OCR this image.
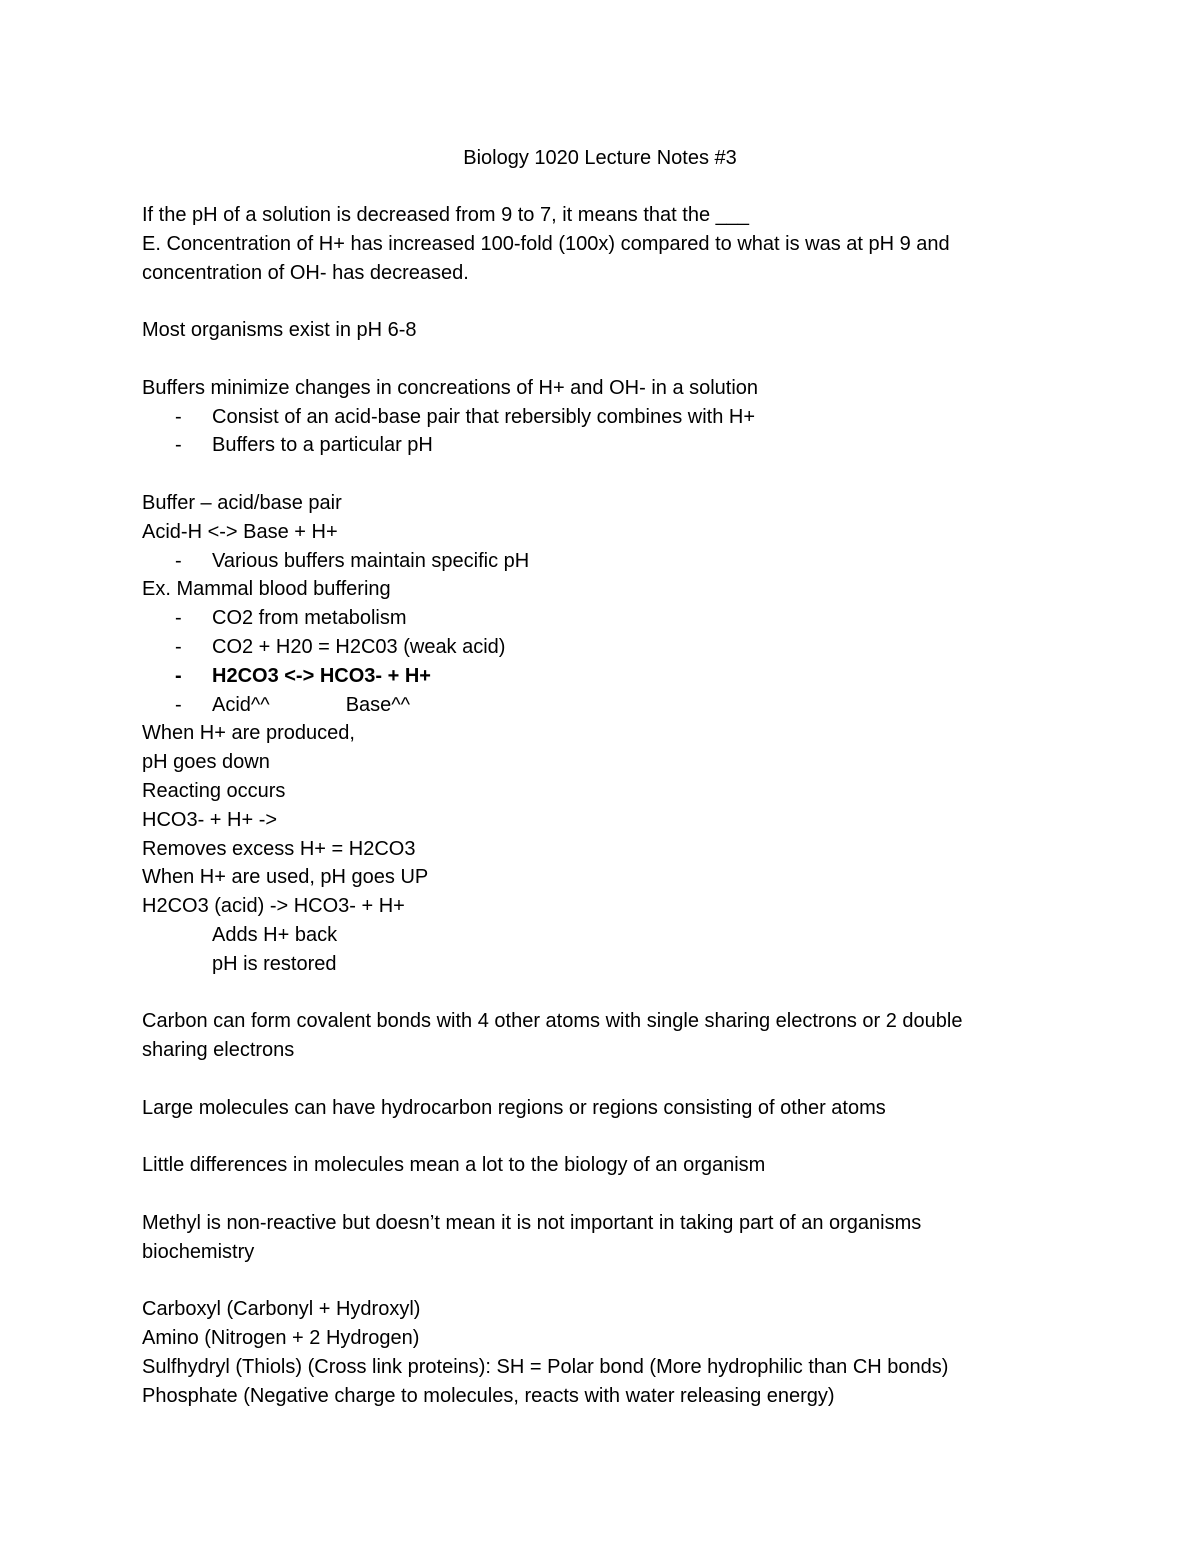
Biology 1020 Lecture Notes #3
If the pH of a solution is decreased from 9 to 7, it means that the ___
E. Concentration of H+ has increased 100-fold (100x) compared to what is was at pH 9 and
concentration of OH- has decreased.
Most organisms exist in pH 6-8
Buffers minimize changes in concreations of H+ and OH- in a solution
- Consist of an acid-base pair that rebersibly combines with H+
- Buffers to a particular pH
Buffer – acid/base pair
Acid-H <-> Base + H+
- Various buffers maintain specific pH
Ex. Mammal blood buffering
- CO2 from metabolism
- CO2 + H20 = H2C03 (weak acid)
- H2CO3 <-> HCO3- + H+
- Acid^^	Base^^
When H+ are produced,
pH goes down
Reacting occurs
HCO3- + H+ ->
Removes excess H+ = H2CO3
When H+ are used, pH goes UP
H2CO3 (acid) -> HCO3- + H+
Adds H+ back
pH is restored
Carbon can form covalent bonds with 4 other atoms with single sharing electrons or 2 double
sharing electrons
Large molecules can have hydrocarbon regions or regions consisting of other atoms
Little differences in molecules mean a lot to the biology of an organism
Methyl is non-reactive but doesn’t mean it is not important in taking part of an organisms
biochemistry
Carboxyl (Carbonyl + Hydroxyl)
Amino (Nitrogen + 2 Hydrogen)
Sulfhydryl (Thiols) (Cross link proteins): SH = Polar bond (More hydrophilic than CH bonds)
Phosphate (Negative charge to molecules, reacts with water releasing energy)
